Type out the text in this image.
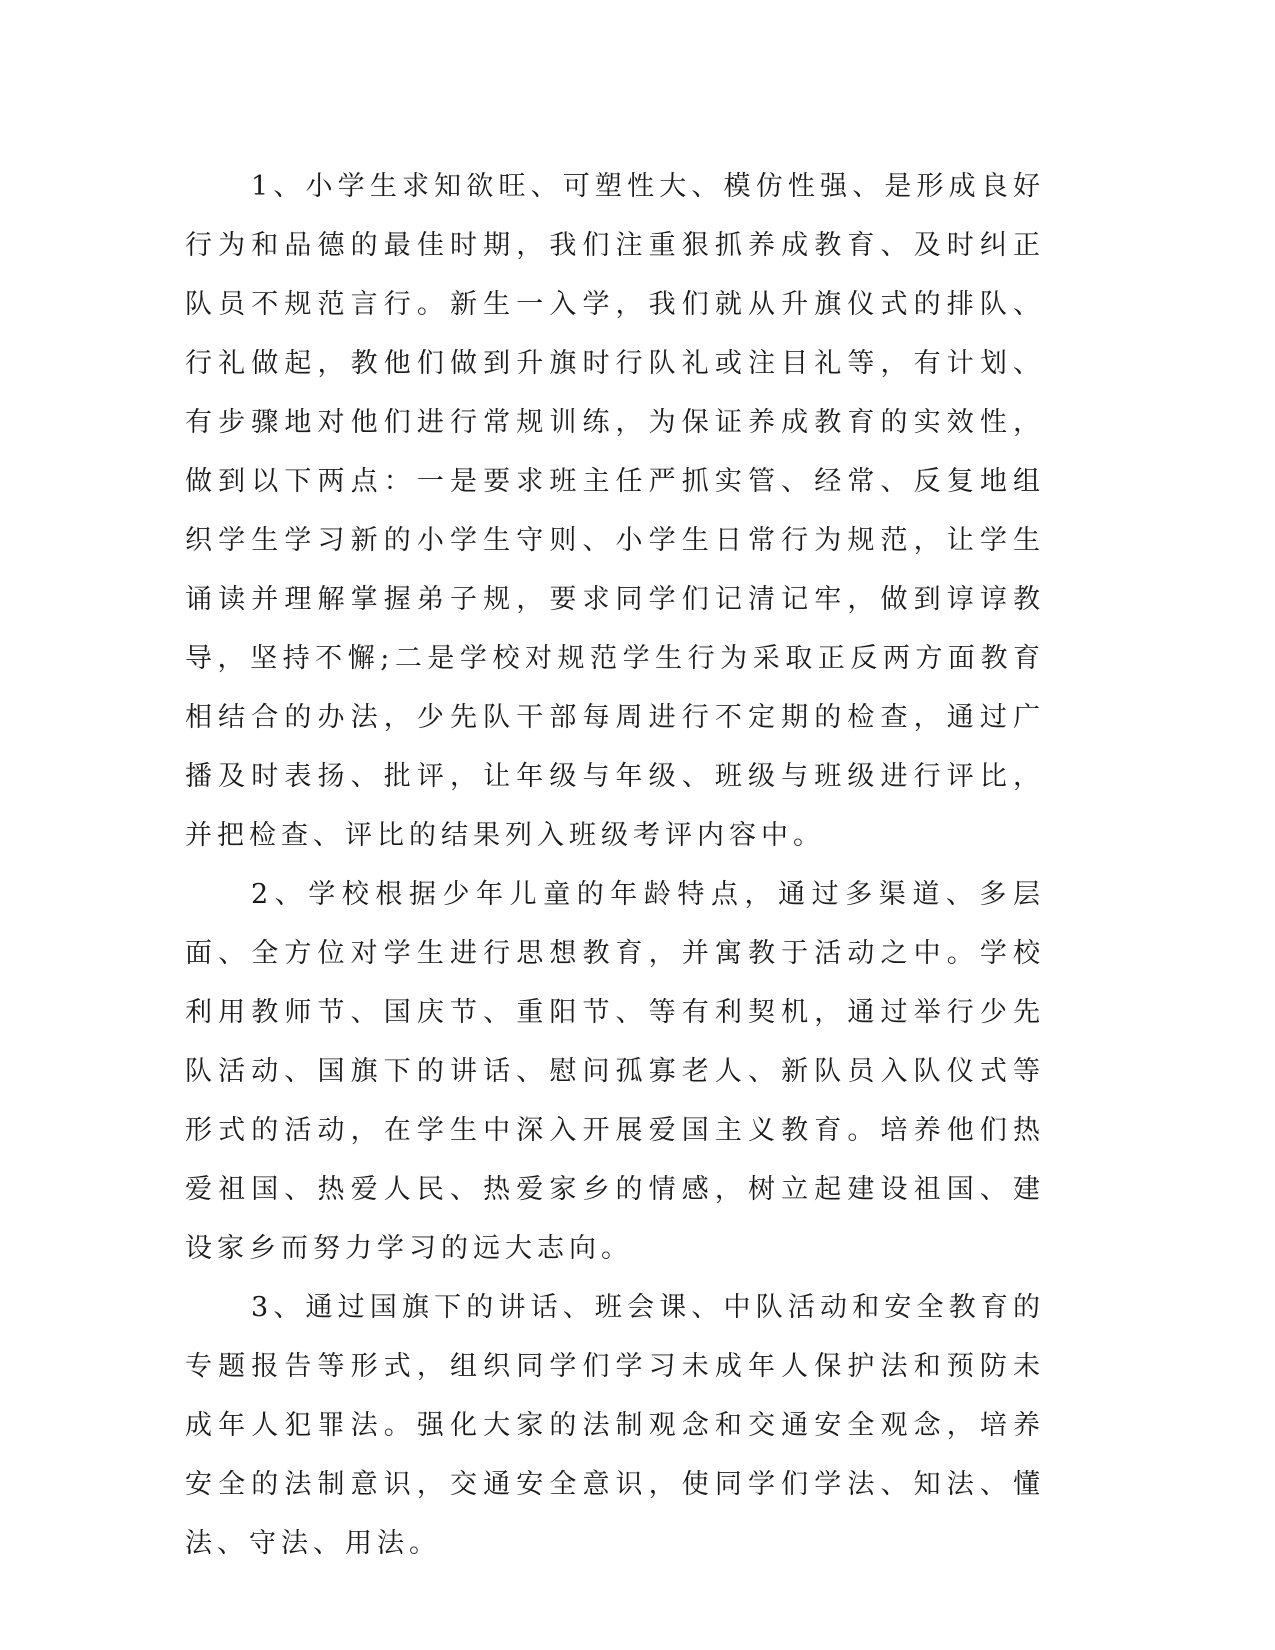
1、小学生求知欲旺、可塑性大、模仿性强、是形成良好行为和品德的最佳时期，我们注重狠抓养成教育、及时纠正队员不规范言行。新生一入学，我们就从升旗仪式的排队、行礼做起，教他们做到升旗时行队礼或注目礼等，有计划、有步骤地对他们进行常规训练，为保证养成教育的实效性，做到以下两点：一是要求班主任严抓实管、经常、反复地组织学生学习新的小学生守则、小学生日常行为规范，让学生诵读并理解掌握弟子规，要求同学们记清记牢，做到谆谆教导，坚持不懈;二是学校对规范学生行为采取正反两方面教育相结合的办法，少先队干部每周进行不定期的检查，通过广播及时表扬、批评，让年级与年级、班级与班级进行评比，并把检查、评比的结果列入班级考评内容中。

2、学校根据少年儿童的年龄特点，通过多渠道、多层面、全方位对学生进行思想教育，并寓教于活动之中。学校利用教师节、国庆节、重阳节、等有利契机，通过举行少先队活动、国旗下的讲话、慰问孤寡老人、新队员入队仪式等形式的活动，在学生中深入开展爱国主义教育。培养他们热爱祖国、热爱人民、热爱家乡的情感，树立起建设祖国、建设家乡而努力学习的远大志向。

3、通过国旗下的讲话、班会课、中队活动和安全教育的专题报告等形式，组织同学们学习未成年人保护法和预防未成年人犯罪法。强化大家的法制观念和交通安全观念，培养安全的法制意识，交通安全意识，使同学们学法、知法、懂法、守法、用法。
